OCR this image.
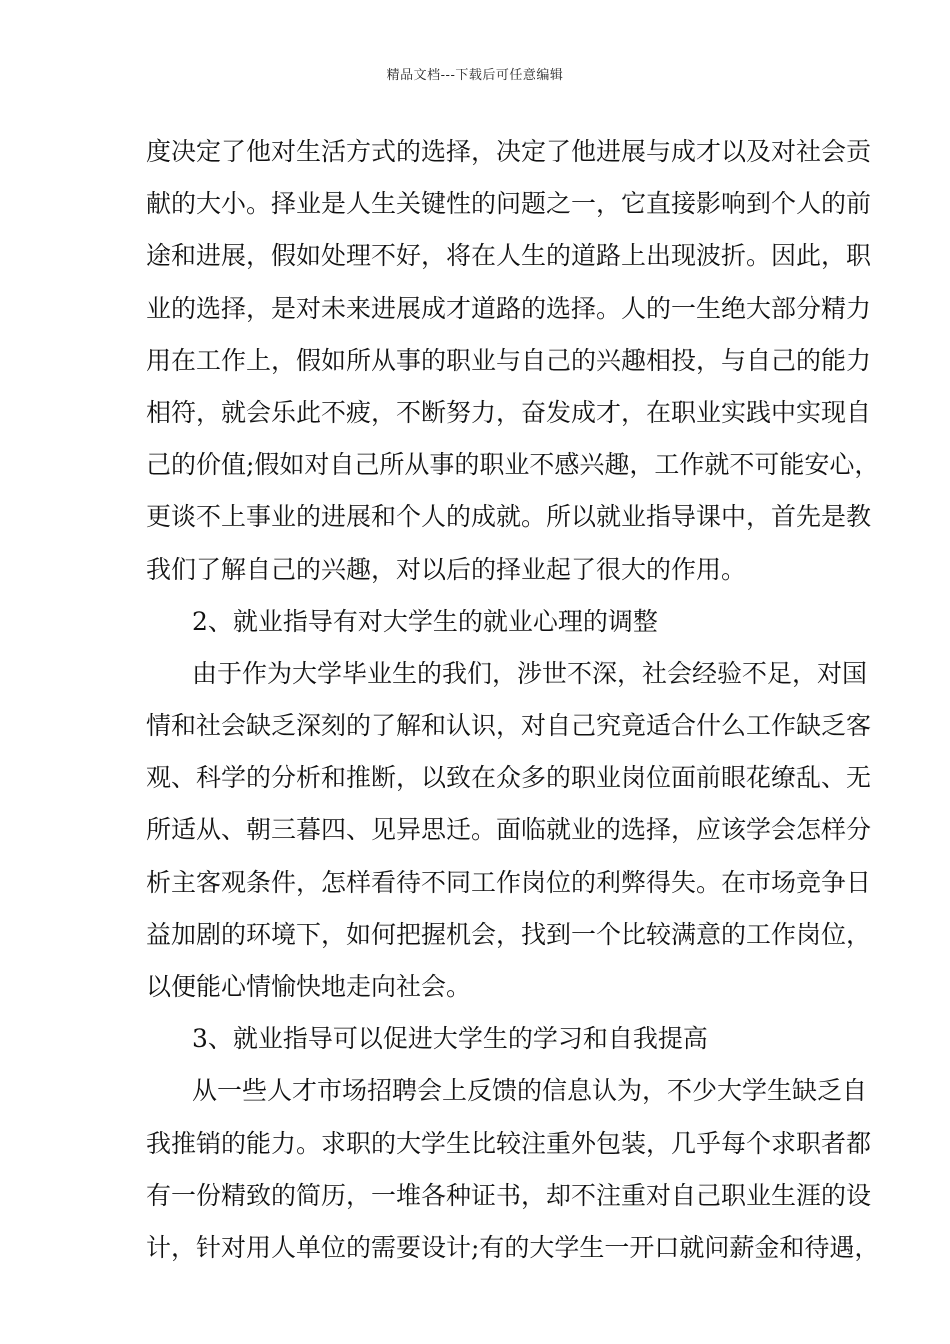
精品文档---下载后可任意编辑
度决定了他对生活方式的选择，决定了他进展与成才以及对社会贡
献的大小。择业是人生关键性的问题之一，它直接影响到个人的前
途和进展，假如处理不好，将在人生的道路上出现波折。因此，职
业的选择，是对未来进展成才道路的选择。人的一生绝大部分精力
用在工作上，假如所从事的职业与自己的兴趣相投，与自己的能力
相符，就会乐此不疲，不断努力，奋发成才，在职业实践中实现自
己的价值;假如对自己所从事的职业不感兴趣，工作就不可能安心，
更谈不上事业的进展和个人的成就。所以就业指导课中，首先是教
我们了解自己的兴趣，对以后的择业起了很大的作用。
2、就业指导有对大学生的就业心理的调整
由于作为大学毕业生的我们，涉世不深，社会经验不足，对国
情和社会缺乏深刻的了解和认识，对自己究竟适合什么工作缺乏客
观、科学的分析和推断，以致在众多的职业岗位面前眼花缭乱、无
所适从、朝三暮四、见异思迁。面临就业的选择，应该学会怎样分
析主客观条件，怎样看待不同工作岗位的利弊得失。在市场竞争日
益加剧的环境下，如何把握机会，找到一个比较满意的工作岗位，
以便能心情愉快地走向社会。
3、就业指导可以促进大学生的学习和自我提高
从一些人才市场招聘会上反馈的信息认为，不少大学生缺乏自
我推销的能力。求职的大学生比较注重外包装，几乎每个求职者都
有一份精致的简历，一堆各种证书，却不注重对自己职业生涯的设
计，针对用人单位的需要设计;有的大学生一开口就问薪金和待遇，
